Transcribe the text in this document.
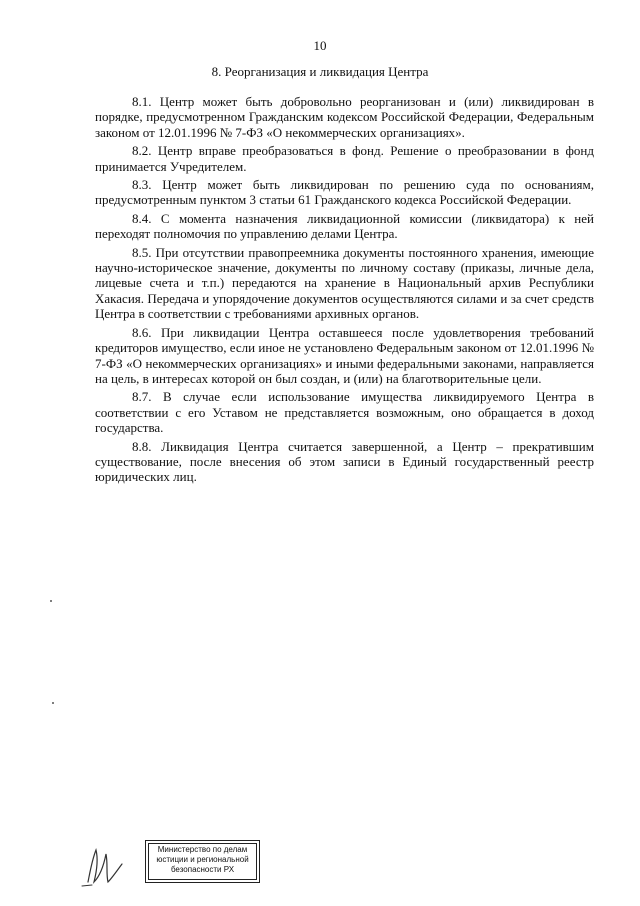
10
8. Реорганизация и ликвидация Центра

8.1. Центр может быть добровольно реорганизован и (или) ликвидирован в порядке, предусмотренном Гражданским кодексом Российской Федерации, Федеральным законом от 12.01.1996 № 7-ФЗ «О некоммерческих организациях».

8.2. Центр вправе преобразоваться в фонд. Решение о преобразовании в фонд принимается Учредителем.

8.3. Центр может быть ликвидирован по решению суда по основаниям, предусмотренным пунктом 3 статьи 61 Гражданского кодекса Российской Федерации.

8.4. С момента назначения ликвидационной комиссии (ликвидатора) к ней переходят полномочия по управлению делами Центра.

8.5. При отсутствии правопреемника документы постоянного хранения, имеющие научно-историческое значение, документы по личному составу (приказы, личные дела, лицевые счета и т.п.) передаются на хранение в Национальный архив Республики Хакасия. Передача и упорядочение документов осуществляются силами и за счет средств Центра в соответствии с требованиями архивных органов.

8.6. При ликвидации Центра оставшееся после удовлетворения требований кредиторов имущество, если иное не установлено Федеральным законом от 12.01.1996 № 7-ФЗ «О некоммерческих организациях» и иными федеральными законами, направляется на цель, в интересах которой он был создан, и (или) на благотворительные цели.

8.7. В случае если использование имущества ликвидируемого Центра в соответствии с его Уставом не представляется возможным, оно обращается в доход государства.

8.8. Ликвидация Центра считается завершенной, а Центр – прекратившим существование, после внесения об этом записи в Единый государственный реестр юридических лиц.

Министерство по делам
юстиции и региональной
безопасности РХ
